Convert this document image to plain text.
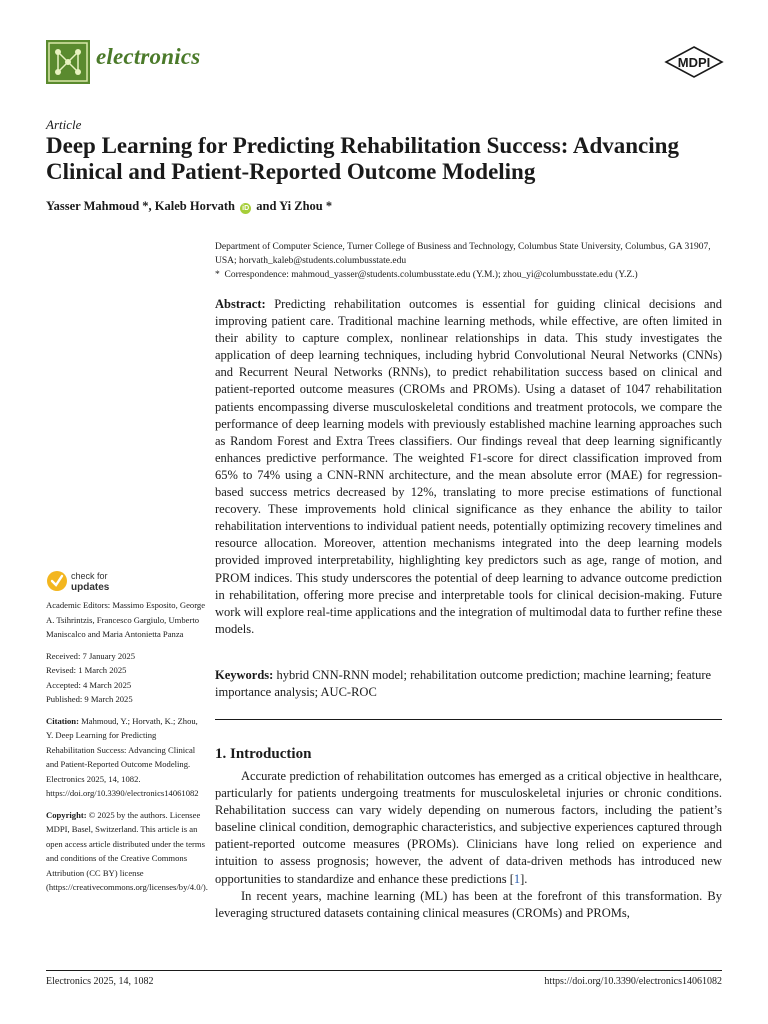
electronics	MDPI
Article
Deep Learning for Predicting Rehabilitation Success: Advancing Clinical and Patient-Reported Outcome Modeling
Yasser Mahmoud *, Kaleb Horvath iD and Yi Zhou *

Department of Computer Science, Turner College of Business and Technology, Columbus State University, Columbus, GA 31907, USA; horvath_kaleb@students.columbusstate.edu

*  Correspondence: mahmoud_yasser@students.columbusstate.edu (Y.M.); zhou_yi@columbusstate.edu (Y.Z.)

Abstract: Predicting rehabilitation outcomes is essential for guiding clinical decisions and improving patient care. Traditional machine learning methods, while effective, are often limited in their ability to capture complex, nonlinear relationships in data. This study investigates the application of deep learning techniques, including hybrid Convolutional Neural Networks (CNNs) and Recurrent Neural Networks (RNNs), to predict rehabilitation success based on clinical and patient-reported outcome measures (CROMs and PROMs). Using a dataset of 1047 rehabilitation patients encompassing diverse musculoskeletal conditions and treatment protocols, we compare the performance of deep learning models with previously established machine learning approaches such as Random Forest and Extra Trees classifiers. Our findings reveal that deep learning significantly enhances predictive performance. The weighted F1-score for direct classification improved from 65% to 74% using a CNN-RNN architecture, and the mean absolute error (MAE) for regression-based success metrics decreased by 12%, translating to more precise estimations of functional recovery. These improvements hold clinical significance as they enhance the ability to tailor rehabilitation interventions to individual patient needs, potentially optimizing recovery timelines and resource allocation. Moreover, attention mechanisms integrated into the deep learning models provided improved interpretability, highlighting key predictors such as age, range of motion, and PROM indices. This study underscores the potential of deep learning to advance outcome prediction in rehabilitation, offering more precise and interpretable tools for clinical decision-making. Future work will explore real-time applications and the integration of multimodal data to further refine these models.
Keywords: hybrid CNN-RNN model; rehabilitation outcome prediction; machine learning; feature importance analysis; AUC-ROC
1. Introduction

Accurate prediction of rehabilitation outcomes has emerged as a critical objective in healthcare, particularly for patients undergoing treatments for musculoskeletal injuries or chronic conditions. Rehabilitation success can vary widely depending on numerous factors, including the patient’s baseline clinical condition, demographic characteristics, and subjective experiences captured through patient-reported outcome measures (PROMs). Clinicians have long relied on experience and intuition to assess prognosis; however, the advent of data-driven methods has introduced new opportunities to standardize and enhance these predictions [1].

In recent years, machine learning (ML) has been at the forefront of this transformation. By leveraging structured datasets containing clinical measures (CROMs) and PROMs,

check for
updates

Academic Editors: Massimo Esposito, George A. Tsihrintzis, Francesco Gargiulo, Umberto Maniscalco and Maria Antonietta Panza

Received: 7 January 2025
Revised: 1 March 2025
Accepted: 4 March 2025
Published: 9 March 2025

Citation: Mahmoud, Y.; Horvath, K.; Zhou, Y. Deep Learning for Predicting Rehabilitation Success: Advancing Clinical and Patient-Reported Outcome Modeling. Electronics 2025, 14, 1082. https://doi.org/10.3390/electronics14061082

Copyright: © 2025 by the authors. Licensee MDPI, Basel, Switzerland. This article is an open access article distributed under the terms and conditions of the Creative Commons Attribution (CC BY) license (https://creativecommons.org/licenses/by/4.0/).

Electronics 2025, 14, 1082	https://doi.org/10.3390/electronics14061082
